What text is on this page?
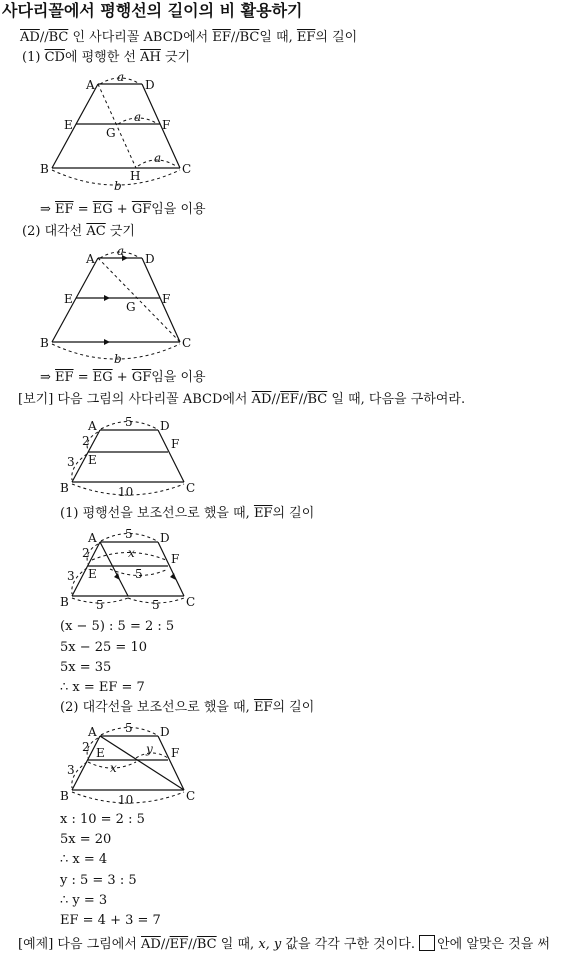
사다리꼴에서 평행선의 길이의 비 활용하기
$\overline{AD}//\overline{BC}$ 인 사다리꼴 ABCD에서 $\overline{EF}//\overline{BC}$일 때, $\overline{EF}$의 길이
(1) $\overline{CD}$에 평행한 선 $\overline{AH}$ 긋기
A	D
E	F
G
H
B	C
a
a
a
b
⇒ $\overline{EF} = \overline{EG} + \overline{GF}$임을 이용
(2) 대각선 $\overline{AC}$ 긋기
A	D
E	F
G
B	C
a
b
⇒ $\overline{EF} = \overline{EG} + \overline{GF}$임을 이용
[보기] 다음 그림의 사다리꼴 ABCD에서 $\overline{AD}//\overline{EF}//\overline{BC}$ 일 때, 다음을 구하여라.
A	D
E
F
B	C
5
2
3
10
(1) 평행선을 보조선으로 했을 때, $\overline{EF}$의 길이
A	D
E
F
B	C
5
x
5
2
3
5	5
(x − 5) : 5 = 2 : 5
5x − 25 = 10
5x = 35
∴ x = EF = 7
(2) 대각선을 보조선으로 했을 때, $\overline{EF}$의 길이
A	D
E	F
B	C
5
y
x
2
3
10
x : 10 = 2 : 5
5x = 20
∴ x = 4
y : 5 = 3 : 5
∴ y = 3
EF = 4 + 3 = 7
[예제] 다음 그림에서 $\overline{AD}//\overline{EF}//\overline{BC}$ 일 때, x, y 값을 각각 구한 것이다. 안에 알맞은 것을 써
